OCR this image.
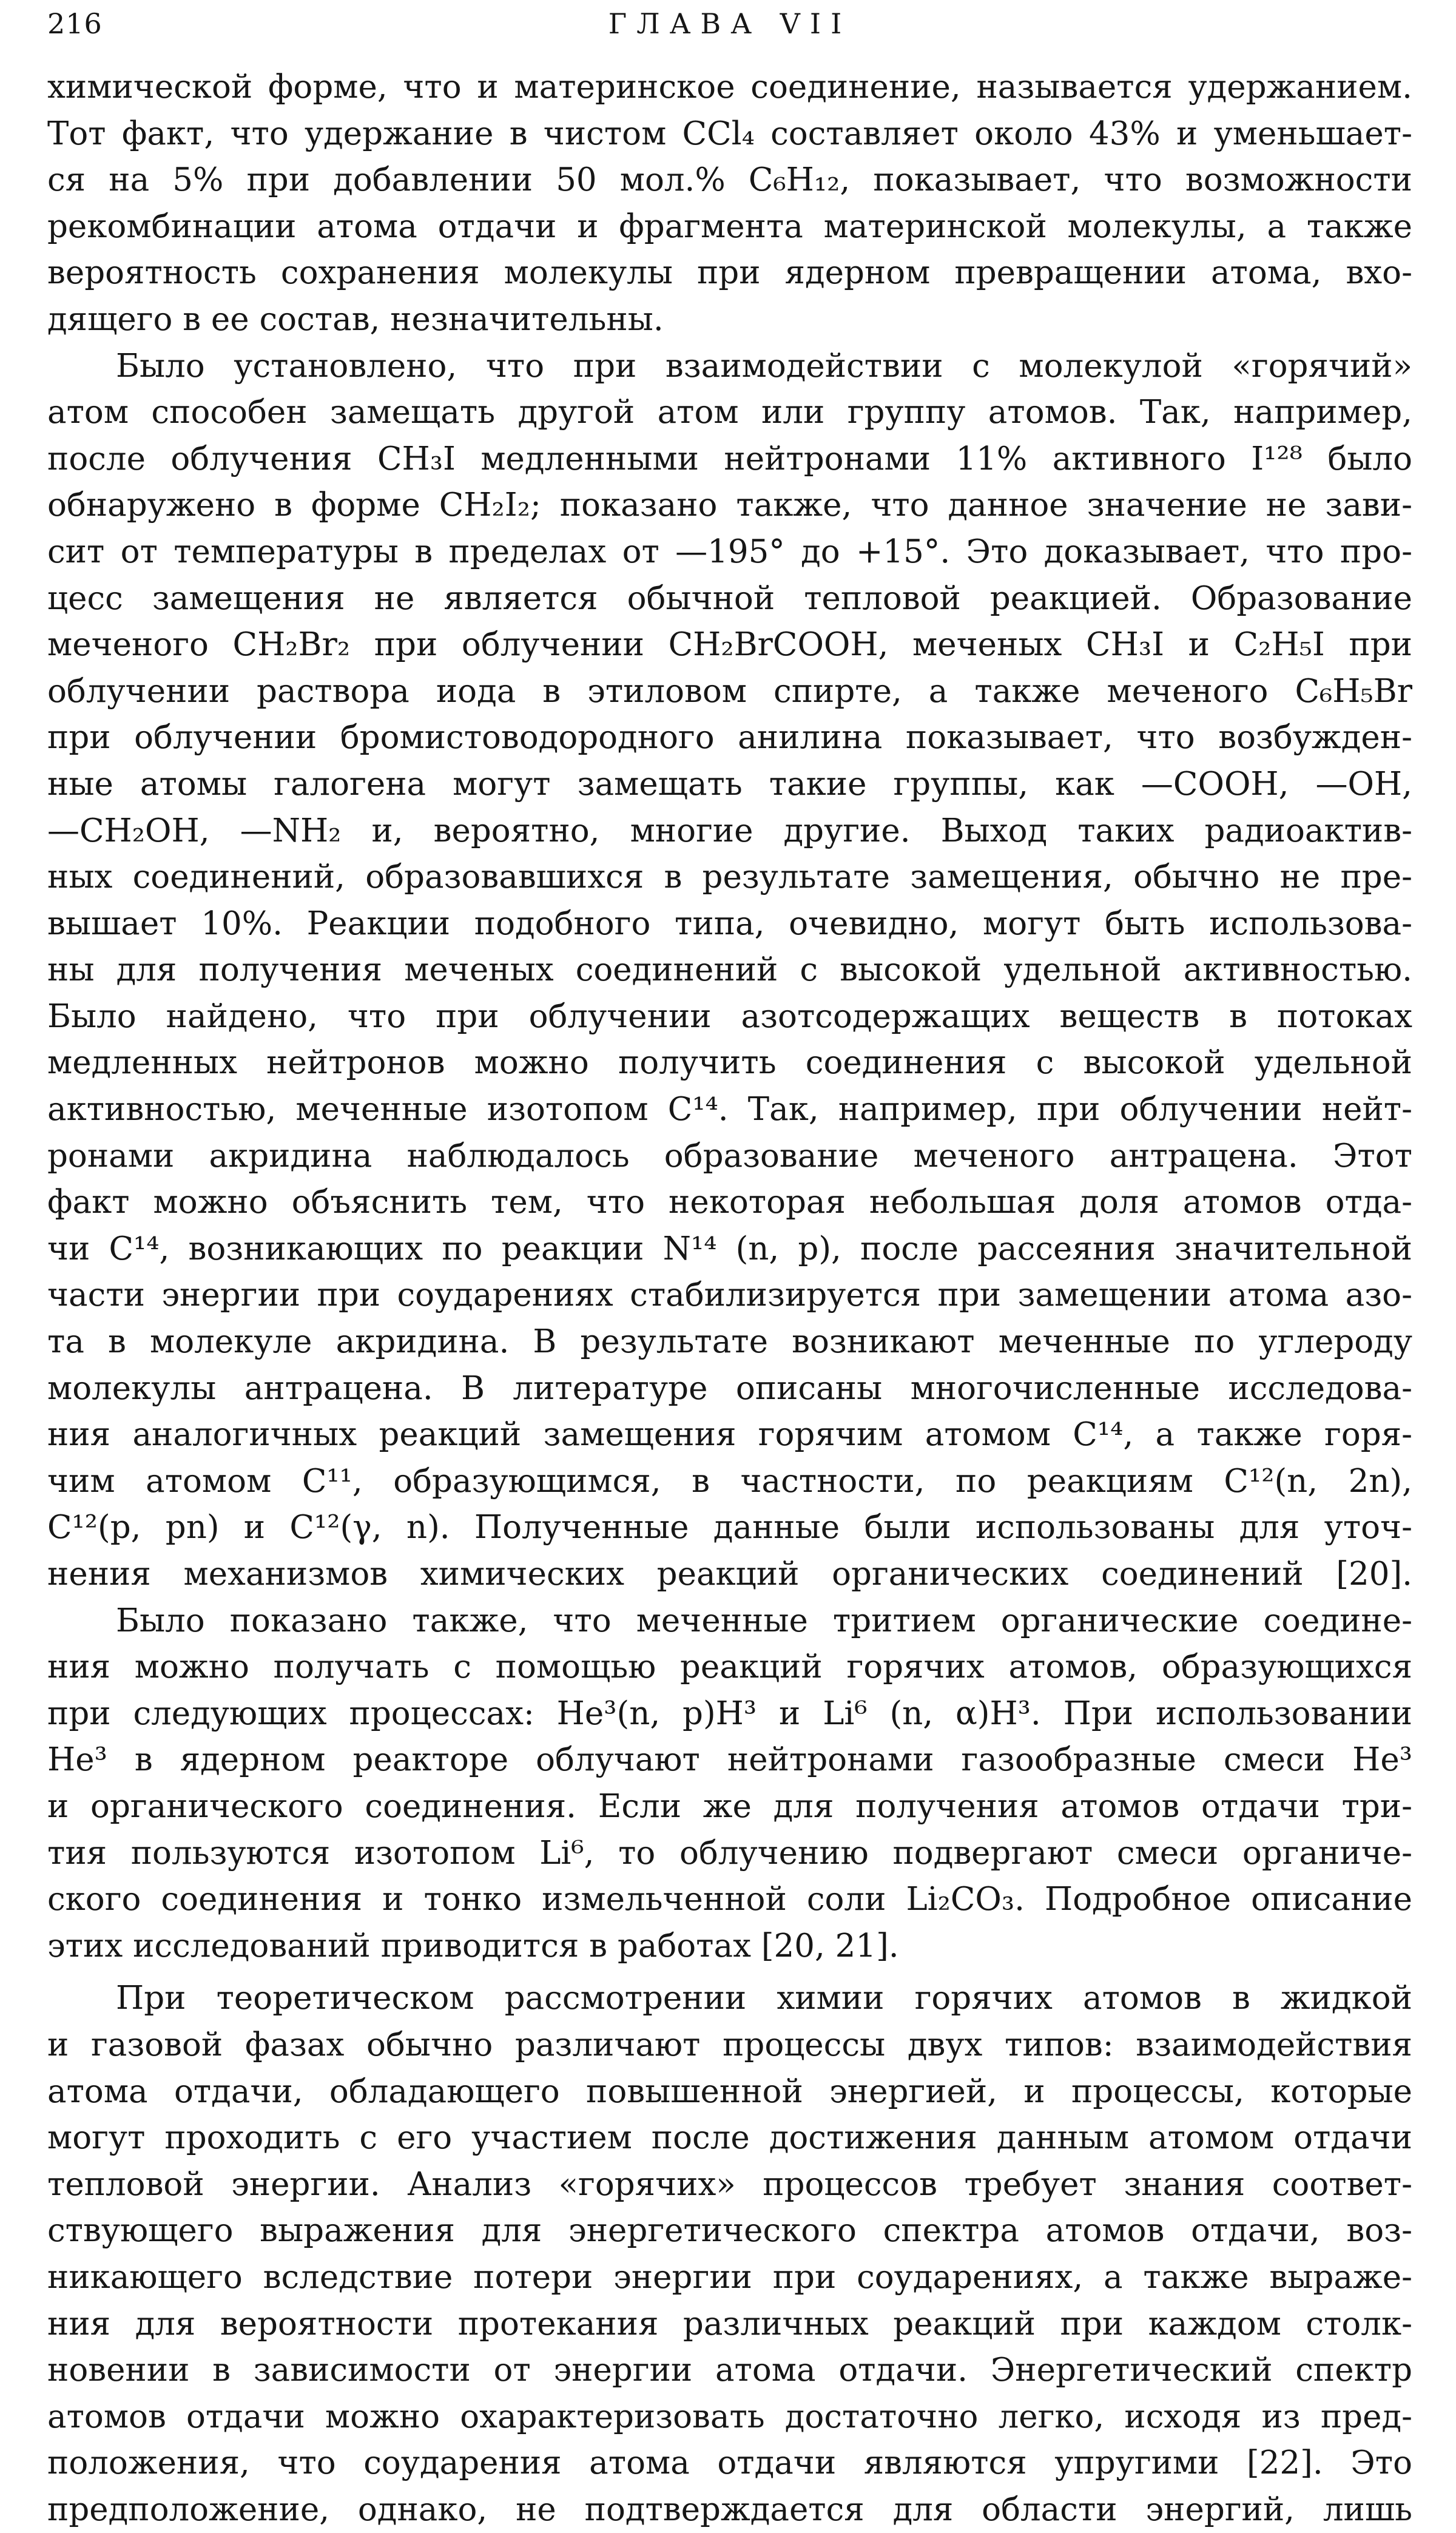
216	ГЛАВА VII
химической форме, что и материнское соединение, называется удержанием.
Тот факт, что удержание в чистом CCl₄ составляет около 43% и уменьшает-
ся на 5% при добавлении 50 мол.% C₆H₁₂, показывает, что возможности
рекомбинации атома отдачи и фрагмента материнской молекулы, а также
вероятность сохранения молекулы при ядерном превращении атома, вхо-
дящего в ее состав, незначительны.
Было установлено, что при взаимодействии с молекулой «горячий»
атом способен замещать другой атом или группу атомов. Так, например,
после облучения CH₃I медленными нейтронами 11% активного I¹²⁸ было
обнаружено в форме CH₂I₂; показано также, что данное значение не зави-
сит от температуры в пределах от —195° до +15°. Это доказывает, что про-
цесс замещения не является обычной тепловой реакцией. Образование
меченого CH₂Br₂ при облучении CH₂BrCOOH, меченых CH₃I и C₂H₅I при
облучении раствора иода в этиловом спирте, а также меченого C₆H₅Br
при облучении бромистоводородного анилина показывает, что возбужден-
ные атомы галогена могут замещать такие группы, как —COOH, —OH,
—CH₂OH, —NH₂ и, вероятно, многие другие. Выход таких радиоактив-
ных соединений, образовавшихся в результате замещения, обычно не пре-
вышает 10%. Реакции подобного типа, очевидно, могут быть использова-
ны для получения меченых соединений с высокой удельной активностью.
Было найдено, что при облучении азотсодержащих веществ в потоках
медленных нейтронов можно получить соединения с высокой удельной
активностью, меченные изотопом C¹⁴. Так, например, при облучении нейт-
ронами акридина наблюдалось образование меченого антрацена. Этот
факт можно объяснить тем, что некоторая небольшая доля атомов отда-
чи C¹⁴, возникающих по реакции N¹⁴ (n, p), после рассеяния значительной
части энергии при соударениях стабилизируется при замещении атома азо-
та в молекуле акридина. В результате возникают меченные по углероду
молекулы антрацена. В литературе описаны многочисленные исследова-
ния аналогичных реакций замещения горячим атомом C¹⁴, а также горя-
чим атомом C¹¹, образующимся, в частности, по реакциям C¹²(n, 2n),
C¹²(p, pn) и C¹²(γ, n). Полученные данные были использованы для уточ-
нения механизмов химических реакций органических соединений [20].
Было показано также, что меченные тритием органические соедине-
ния можно получать с помощью реакций горячих атомов, образующихся
при следующих процессах: He³(n, p)H³ и Li⁶ (n, α)H³. При использовании
He³ в ядерном реакторе облучают нейтронами газообразные смеси He³
и органического соединения. Если же для получения атомов отдачи три-
тия пользуются изотопом Li⁶, то облучению подвергают смеси органиче-
ского соединения и тонко измельченной соли Li₂CO₃. Подробное описание
этих исследований приводится в работах [20, 21].
При теоретическом рассмотрении химии горячих атомов в жидкой
и газовой фазах обычно различают процессы двух типов: взаимодействия
атома отдачи, обладающего повышенной энергией, и процессы, которые
могут проходить с его участием после достижения данным атомом отдачи
тепловой энергии. Анализ «горячих» процессов требует знания соответ-
ствующего выражения для энергетического спектра атомов отдачи, воз-
никающего вследствие потери энергии при соударениях, а также выраже-
ния для вероятности протекания различных реакций при каждом столк-
новении в зависимости от энергии атома отдачи. Энергетический спектр
атомов отдачи можно охарактеризовать достаточно легко, исходя из пред-
положения, что соударения атома отдачи являются упругими [22]. Это
предположение, однако, не подтверждается для области энергий, лишь
